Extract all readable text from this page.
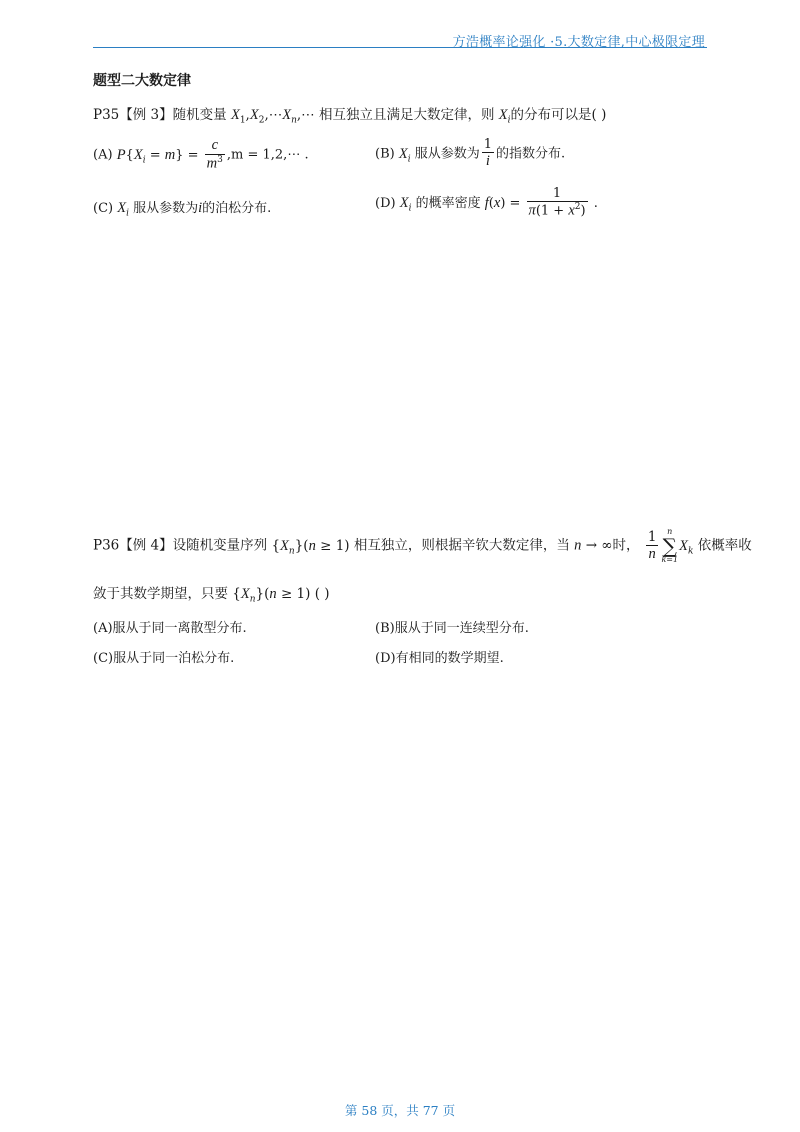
方浩概率论强化 ·5.大数定律,中心极限定理
题型二大数定律
P35【例 3】随机变量 $X_1,X_2,\cdots X_n,\cdots$ 相互独立且满足大数定律，则 $X_i$的分布可以是( )
(A) $P\{X_i = m\} = \frac{c}{m^3} ,m$ = 1,2,⋯ .	(B) $X_i$ 服从参数为 $\frac{1}{i}$ 的指数分布.
(C) $X_i$ 服从参数为i的泊松分布.	(D) $X_i$ 的概率密度 $f(x) = \frac{1}{\pi(1 + x^2)}$ .
P36【例 4】设随机变量序列 $\{X_n\}(n \ge 1)$ 相互独立，则根据辛钦大数定律，当 n → ∞时， $\frac{1}{n}$	n
∑
k=1
$X_k$ 依概率收
敛于其数学期望，只要 $\{X_n\}(n \ge 1)$ ( )
(A)服从于同一离散型分布.	(B)服从于同一连续型分布.
(C)服从于同一泊松分布.	(D)有相同的数学期望.
第 58 页，共 77 页
